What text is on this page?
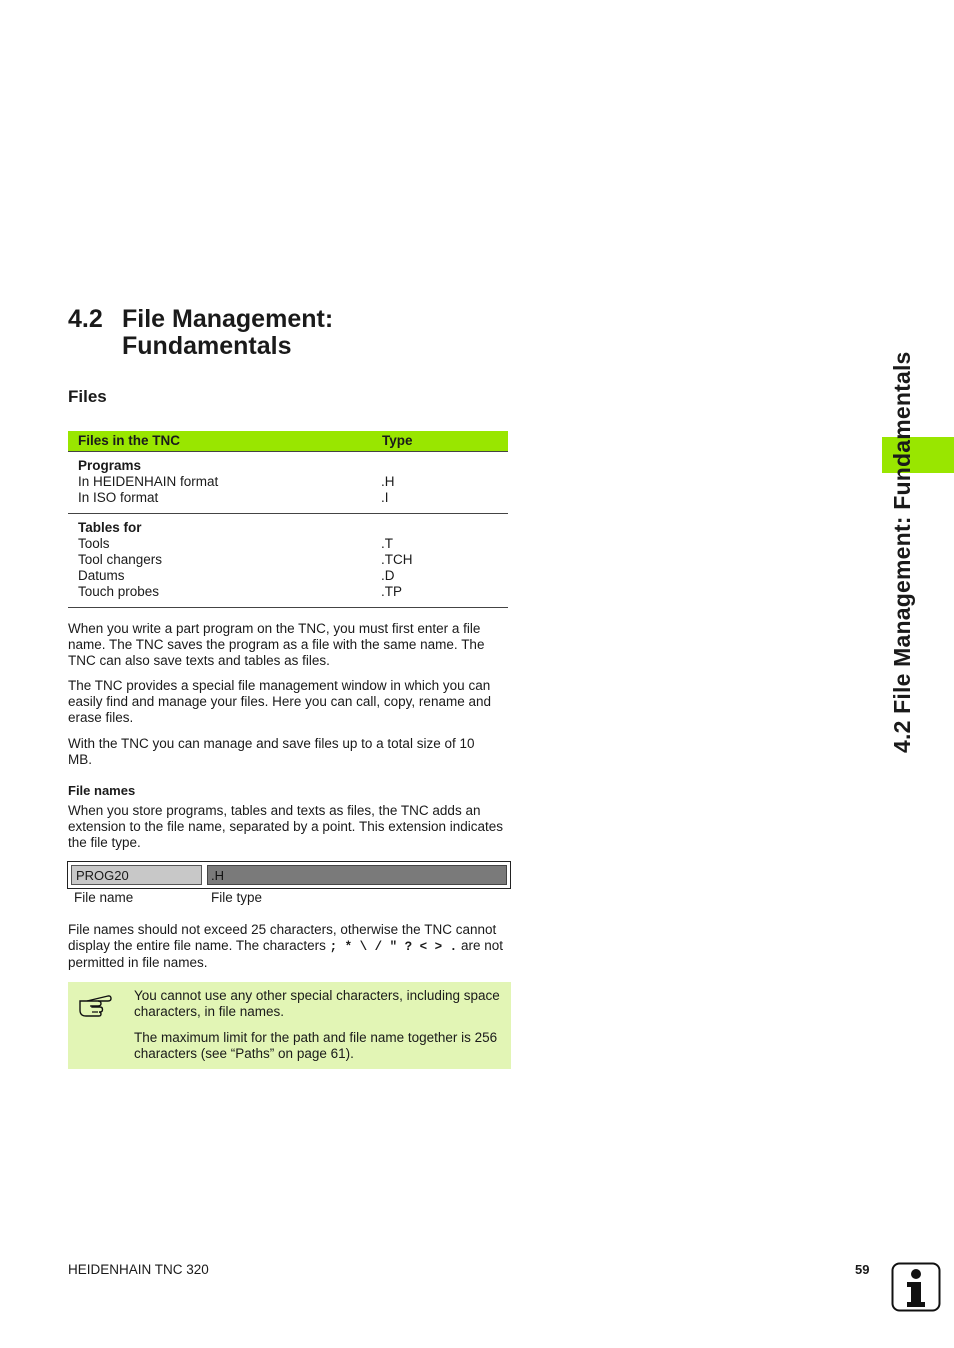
4.2 File Management:
Fundamentals
Files
Files in the TNC	Type
Programs
In HEIDENHAIN format	.H
In ISO format	.I
Tables for
Tools	.T
Tool changers	.TCH
Datums	.D
Touch probes	.TP

When you write a part program on the TNC, you must first enter a file name. The TNC saves the program as a file with the same name. The TNC can also save texts and tables as files.

The TNC provides a special file management window in which you can easily find and manage your files. Here you can call, copy, rename and erase files.

With the TNC you can manage and save files up to a total size of 10 MB.

File names

When you store programs, tables and texts as files, the TNC adds an extension to the file name, separated by a point. This extension indicates the file type.

PROG20	.H
File name	File type

File names should not exceed 25 characters, otherwise the TNC cannot display the entire file name. The characters ; * \ / " ? < > . are not permitted in file names.

You cannot use any other special characters, including space characters, in file names.

The maximum limit for the path and file name together is 256 characters (see “Paths” on page 61).

4.2 File Management: Fundamentals
HEIDENHAIN TNC 320	59
